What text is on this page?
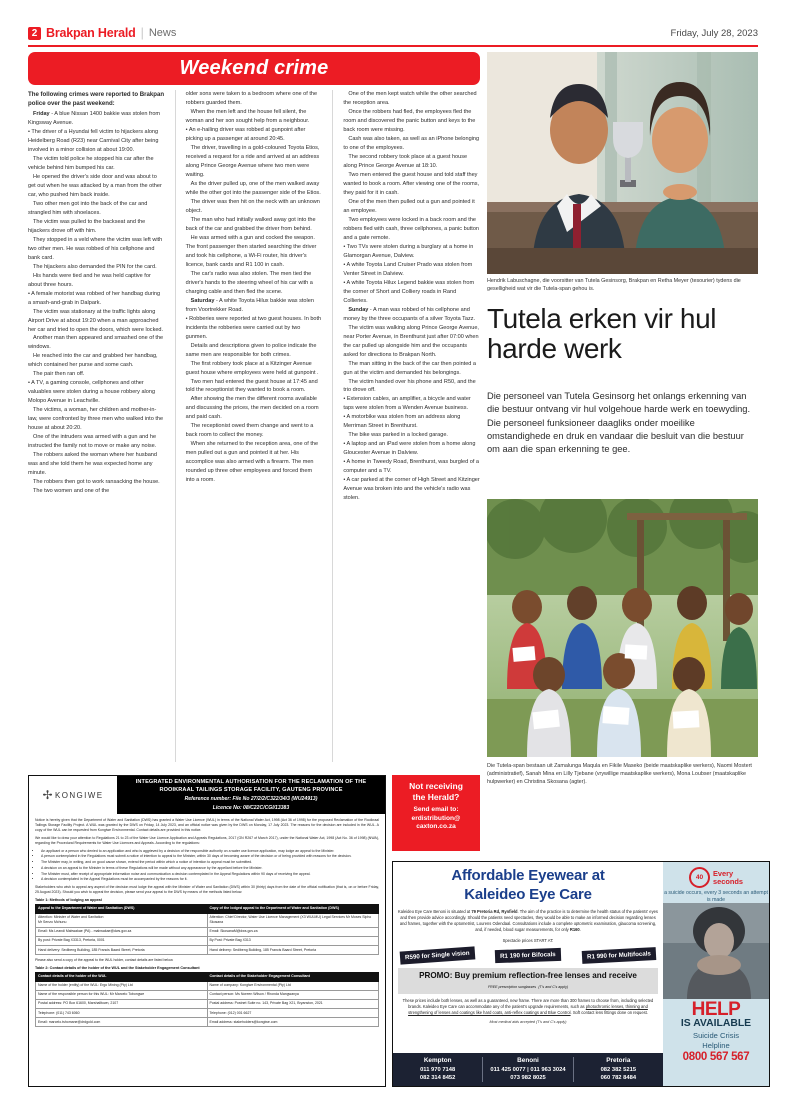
2 Brakpan Herald | News	Friday, July 28, 2023
Weekend crime

The following crimes were reported to Brakpan police over the past weekend:

Friday - A blue Nissan 1400 bakkie was stolen from Kingsway Avenue.

• The driver of a Hyundai fell victim to hijackers along Heidelberg Road (R23) near Carnival City after being involved in a minor collision at about 19:00.

The victim told police he stopped his car after the vehicle behind him bumped his car.

He opened the driver's side door and was about to get out when he was attacked by a man from the other car, who pushed him back inside.

Two other men got into the back of the car and strangled him with shoelaces.

The victim was pulled to the backseat and the hijackers drove off with him.

They stopped in a veld where the victim was left with two other men. He was robbed of his cellphone and bank card.

The hijackers also demanded the PIN for the card.

His hands were tied and he was held captive for about three hours.

• A female motorist was robbed of her handbag during a smash-and-grab in Dalpark.

The victim was stationary at the traffic lights along Airport Drive at about 19:20 when a man approached her car and tried to open the doors, which were locked.

Another man then appeared and smashed one of the windows.

He reached into the car and grabbed her handbag, which contained her purse and some cash.

The pair then ran off.

• A TV, a gaming console, cellphones and other valuables were stolen during a house robbery along Molopo Avenue in Leachville.

The victims, a woman, her children and mother-in-law, were confronted by three men who walked into the house at about 20:20.

One of the intruders was armed with a gun and he instructed the family not to move or make any noise.

The robbers asked the woman where her husband was and she told them he was expected home any minute.

The robbers then got to work ransacking the house.

The two women and one of the

older sons were taken to a bedroom where one of the robbers guarded them.

When the men left and the house fell silent, the woman and her son sought help from a neighbour.

• An e-hailing driver was robbed at gunpoint after picking up a passenger at around 20:45.

The driver, travelling in a gold-coloured Toyota Etios, received a request for a ride and arrived at an address along Prince George Avenue where two men were waiting.

As the driver pulled up, one of the men walked away while the other got into the passenger side of the Etios.

The driver was then hit on the neck with an unknown object.

The man who had initially walked away got into the back of the car and grabbed the driver from behind.

He was armed with a gun and cocked the weapon. The front passenger then started searching the driver and took his cellphone, a Wi-Fi router, his driver's licence, bank cards and R1 100 in cash.

The car's radio was also stolen. The men tied the driver's hands to the steering wheel of his car with a charging cable and then fled the scene.

Saturday - A white Toyota Hilux bakkie was stolen from Voortrekker Road.

• Robberies were reported at two guest houses. In both incidents the robberies were carried out by two gunmen.

Details and descriptions given to police indicate the same men are responsible for both crimes.

The first robbery took place at a Kitzinger Avenue guest house where employees were held at gunpoint .

Two men had entered the guest house at 17:45 and told the receptionist they wanted to book a room.

After showing the men the different rooms available and discussing the prices, the men decided on a room and paid cash.

The receptionist owed them change and went to a back room to collect the money.

When she returned to the reception area, one of the men pulled out a gun and pointed it at her. His accomplice was also armed with a firearm. The men rounded up three other employees and forced them into a room.

One of the men kept watch while the other searched the reception area.

Once the robbers had fled, the employees fled the room and discovered the panic button and keys to the back room were missing.

Cash was also taken, as well as an iPhone belonging to one of the employees.

The second robbery took place at a guest house along Prince George Avenue at 18:10.

Two men entered the guest house and told staff they wanted to book a room. After viewing one of the rooms, they paid for it in cash.

One of the men then pulled out a gun and pointed it an employee.

Two employees were locked in a back room and the robbers fled with cash, three cellphones, a panic button and a gate remote.

• Two TVs were stolen during a burglary at a home in Glamorgan Avenue, Dalview.

• A white Toyota Land Cruiser Prado was stolen from Venter Street in Dalview.

• A white Toyota Hilux Legend bakkie was stolen from the corner of Short and Colliery roads in Rand Collieries.

Sunday - A man was robbed of his cellphone and money by the three occupants of a silver Toyota Tazz.

The victim was walking along Prince George Avenue, near Porter Avenue, in Brenthurst just after 07:00 when the car pulled up alongside him and the occupants asked for directions to Brakpan North.

The man sitting in the back of the car then pointed a gun at the victim and demanded his belongings.

The victim handed over his phone and R50, and the trio drove off.

• Extension cables, an amplifier, a bicycle and water taps were stolen from a Wenden Avenue business.

• A motorbike was stolen from an address along Merriman Street in Brenthurst.

The bike was parked in a locked garage.

• A laptop and an iPad were stolen from a home along Gloucester Avenue in Dalview.

• A home in Tweedy Road, Brenthurst, was burgled of a computer and a TV.

• A car parked at the corner of High Street and Kitzinger Avenue was broken into and the vehicle's radio was stolen.

Hendrik Labuschagne, die voorsitter van Tutela Gesinsorg, Brakpan en Retha Meyer (tesourier) tydens die geselligheid wat vir die Tutela-span gehou is.
Tutela erken vir hul harde werk
Die personeel van Tutela Gesinsorg het onlangs erkenning van die bestuur ontvang vir hul volgehoue harde werk en toewyding. Die personeel funksioneer daagliks onder moeilike omstandighede en druk en vandaar die besluit van die bestuur om aan die span erkenning te gee.
Die Tutela-span bestaan uit Zamalunga Maqula en Fikile Maseko (beide maatskaplike werkers), Naomi Mostert (administratief), Sanah Mina en Lilly Tjebane (vrywillige maatskaplike werkers), Mona Loubser (maatskaplike hulpwerker) en Christina Skosana (agter).
✢ KONGIWE
INTEGRATED ENVIRONMENTAL AUTHORISATION FOR THE RECLAMATION OF THE ROOIKRAAL TAILINGS STORAGE FACILITY, GAUTENG PROVINCE
Reference number: File No 27/2/2/C322/34/3 (WU24913)
Licence No: 08/C22C/CGI/13383

Notice is hereby given that the Department of Water and Sanitation (DWS) has granted a Water Use Licence (WUL) in terms of the National Water Act, 1998 (Act 36 of 1998) for the proposed Reclamation of the Rooikraal Tailings Storage Facility Project. A WUL was granted by the DWS on Friday, 14 July 2023, and an official notice was given by the DWS on Monday, 17 July 2023. The reasons for the decision are included in the WUL. A copy of the WUL can be requested from Kongiwe Environmental. Contact details are provided in this notice.

We would like to draw your attention to Regulations 21 to 23 of the Water Use Licence Application and Appeals Regulations, 2017 (GN R267 of March 2017), under the National Water Act, 1998 (Act No. 36 of 1998) (NWA), regarding the Procedural Requirements for Water Use Licences and Appeals. According to the regulations:

• An applicant or a person who denied to an application and who is aggrieved by a decision of the responsible authority on a water use licence application, may lodge an appeal to the Minister.
• A person contemplated in the Regulations must submit a notice of intention to appeal to the Minister, within 30 days of becoming aware of the decision or of being provided with reasons for the decision.
• The Minister may, in writing, and on good cause shown, extend the period within which a notice of intention to appeal must be submitted.
• A decision on an appeal to the Minister in terms of these Regulations will be made without any appearance by the appellant before the Minister.
• The Minister must, after receipt of appropriate information noise and communication a decision contemplated in the Appeal Regulations within 90 days of receiving the appeal.
• A decision contemplated in the Appeal Regulations must be accompanied by the reasons for it.

Stakeholders who wish to appeal any aspect of the decision must lodge the appeal with the Minister of Water and Sanitation (DWS) within 30 (thirty) days from the date of the official notification (that is, on or before Friday, 25 August 2023). Should you wish to appeal the decision, please send your appeal to the DWS by means of the methods listed below.

Table 1: Methods of lodging an appeal
Appeal to the Department of Water and Sanitation (DWS)	Copy of the lodged appeal to the Department of Water and Sanitation (DWS)
Attention: Minister of Water and Sanitation
Mr Senzo Mchunu	Attention: Chief Director, Water Use Licence Management (X3 WULMU) Legal Services Mr Moses Sipho Skosana
Email: Ms Leandi Mabwakae (PA) - mabwakae@dws.gov.za	Email: SkosanaM@dws.gov.za
By post: Private Bag X3313, Pretoria, 0001	By Post: Private Bag X313
Hand delivery: Sedibeng Building, 185 Francis Baard Street, Pretoria	Hand delivery: Sedibeng Building, 185 Francis Baard Street, Pretoria

Please also send a copy of the appeal to the WUL holder, contact details are listed below.

Table 2: Contact details of the holder of the WUL and the Stakeholder Engagement Consultant
Contact details of the holder of the WUL	Contact details of the Stakeholder Engagement Consultant
Name of the holder (entity) of the WUL: Ergo Mining (Pty) Ltd	Name of company: Kongiwe Environmental (Pty) Ltd
Name of the responsible person for this WUL: Mr Marcelo Tobongwe	Contact person: Ms Noreen Wilson / Rhonda Mangwanya
Postal address: PO Box 61600, Marshalltown, 2107	Postal address: Postnet Suite no. 143, Private Bag X21, Bryanston, 2021
Telephone: (011) 743 6060	Telephone: (012) 001 6627
Email: marcelo.tshomane@drdgold.com	Email address: stakeholders@kongiwe.com
Not receiving
the Herald?
Send email to:
erdistribution@
caxton.co.za
Affordable Eyewear at
Kaleideo Eye Care
Kaleideo Eye Care Benoni is situated at 79 Pretoria Rd, Rynfield. The aim of the practice is to determine the health status of the patients' eyes and then provide advice accordingly. Should the patients need spectacles, they would be able to make an informed decision regarding lenses and frames, together with the optometrist, Lourens Odendaal. Consultations include a complete optometric examination, glaucoma screening, and, if needed, blood sugar measurements, for only R160.
Spectacle prices START AT:
R590 for Single vision	R1 190 for Bifocals	R1 990 for Multifocals
PROMO: Buy premium reflection-free lenses and receive
FREE prescription sunglasses (T's and C's apply)
These prices include both lenses, as well as a guaranteed, new frame. There are more than 300 frames to choose from, including selected brands. Kaleideo Eye Care can accommodate any of the patient's upgrade requirements, such as photochromic lenses, thinning and strengthening of lenses and coatings like hard coats, anti-reflex coatings and Blue Control. Soft contact lens fittings done on request.
Most medical aids accepted (T's and C's apply)
Kempton
011 970 7148
082 314 8452
Benoni
011 425 0077 | 011 963 3024
073 982 8025
Pretoria
082 382 5215
060 782 8484
40	Every
seconds
a suicide occurs, every 3 seconds an attempt is made
HELP
IS AVAILABLE
Suicide Crisis
Helpline
0800 567 567
